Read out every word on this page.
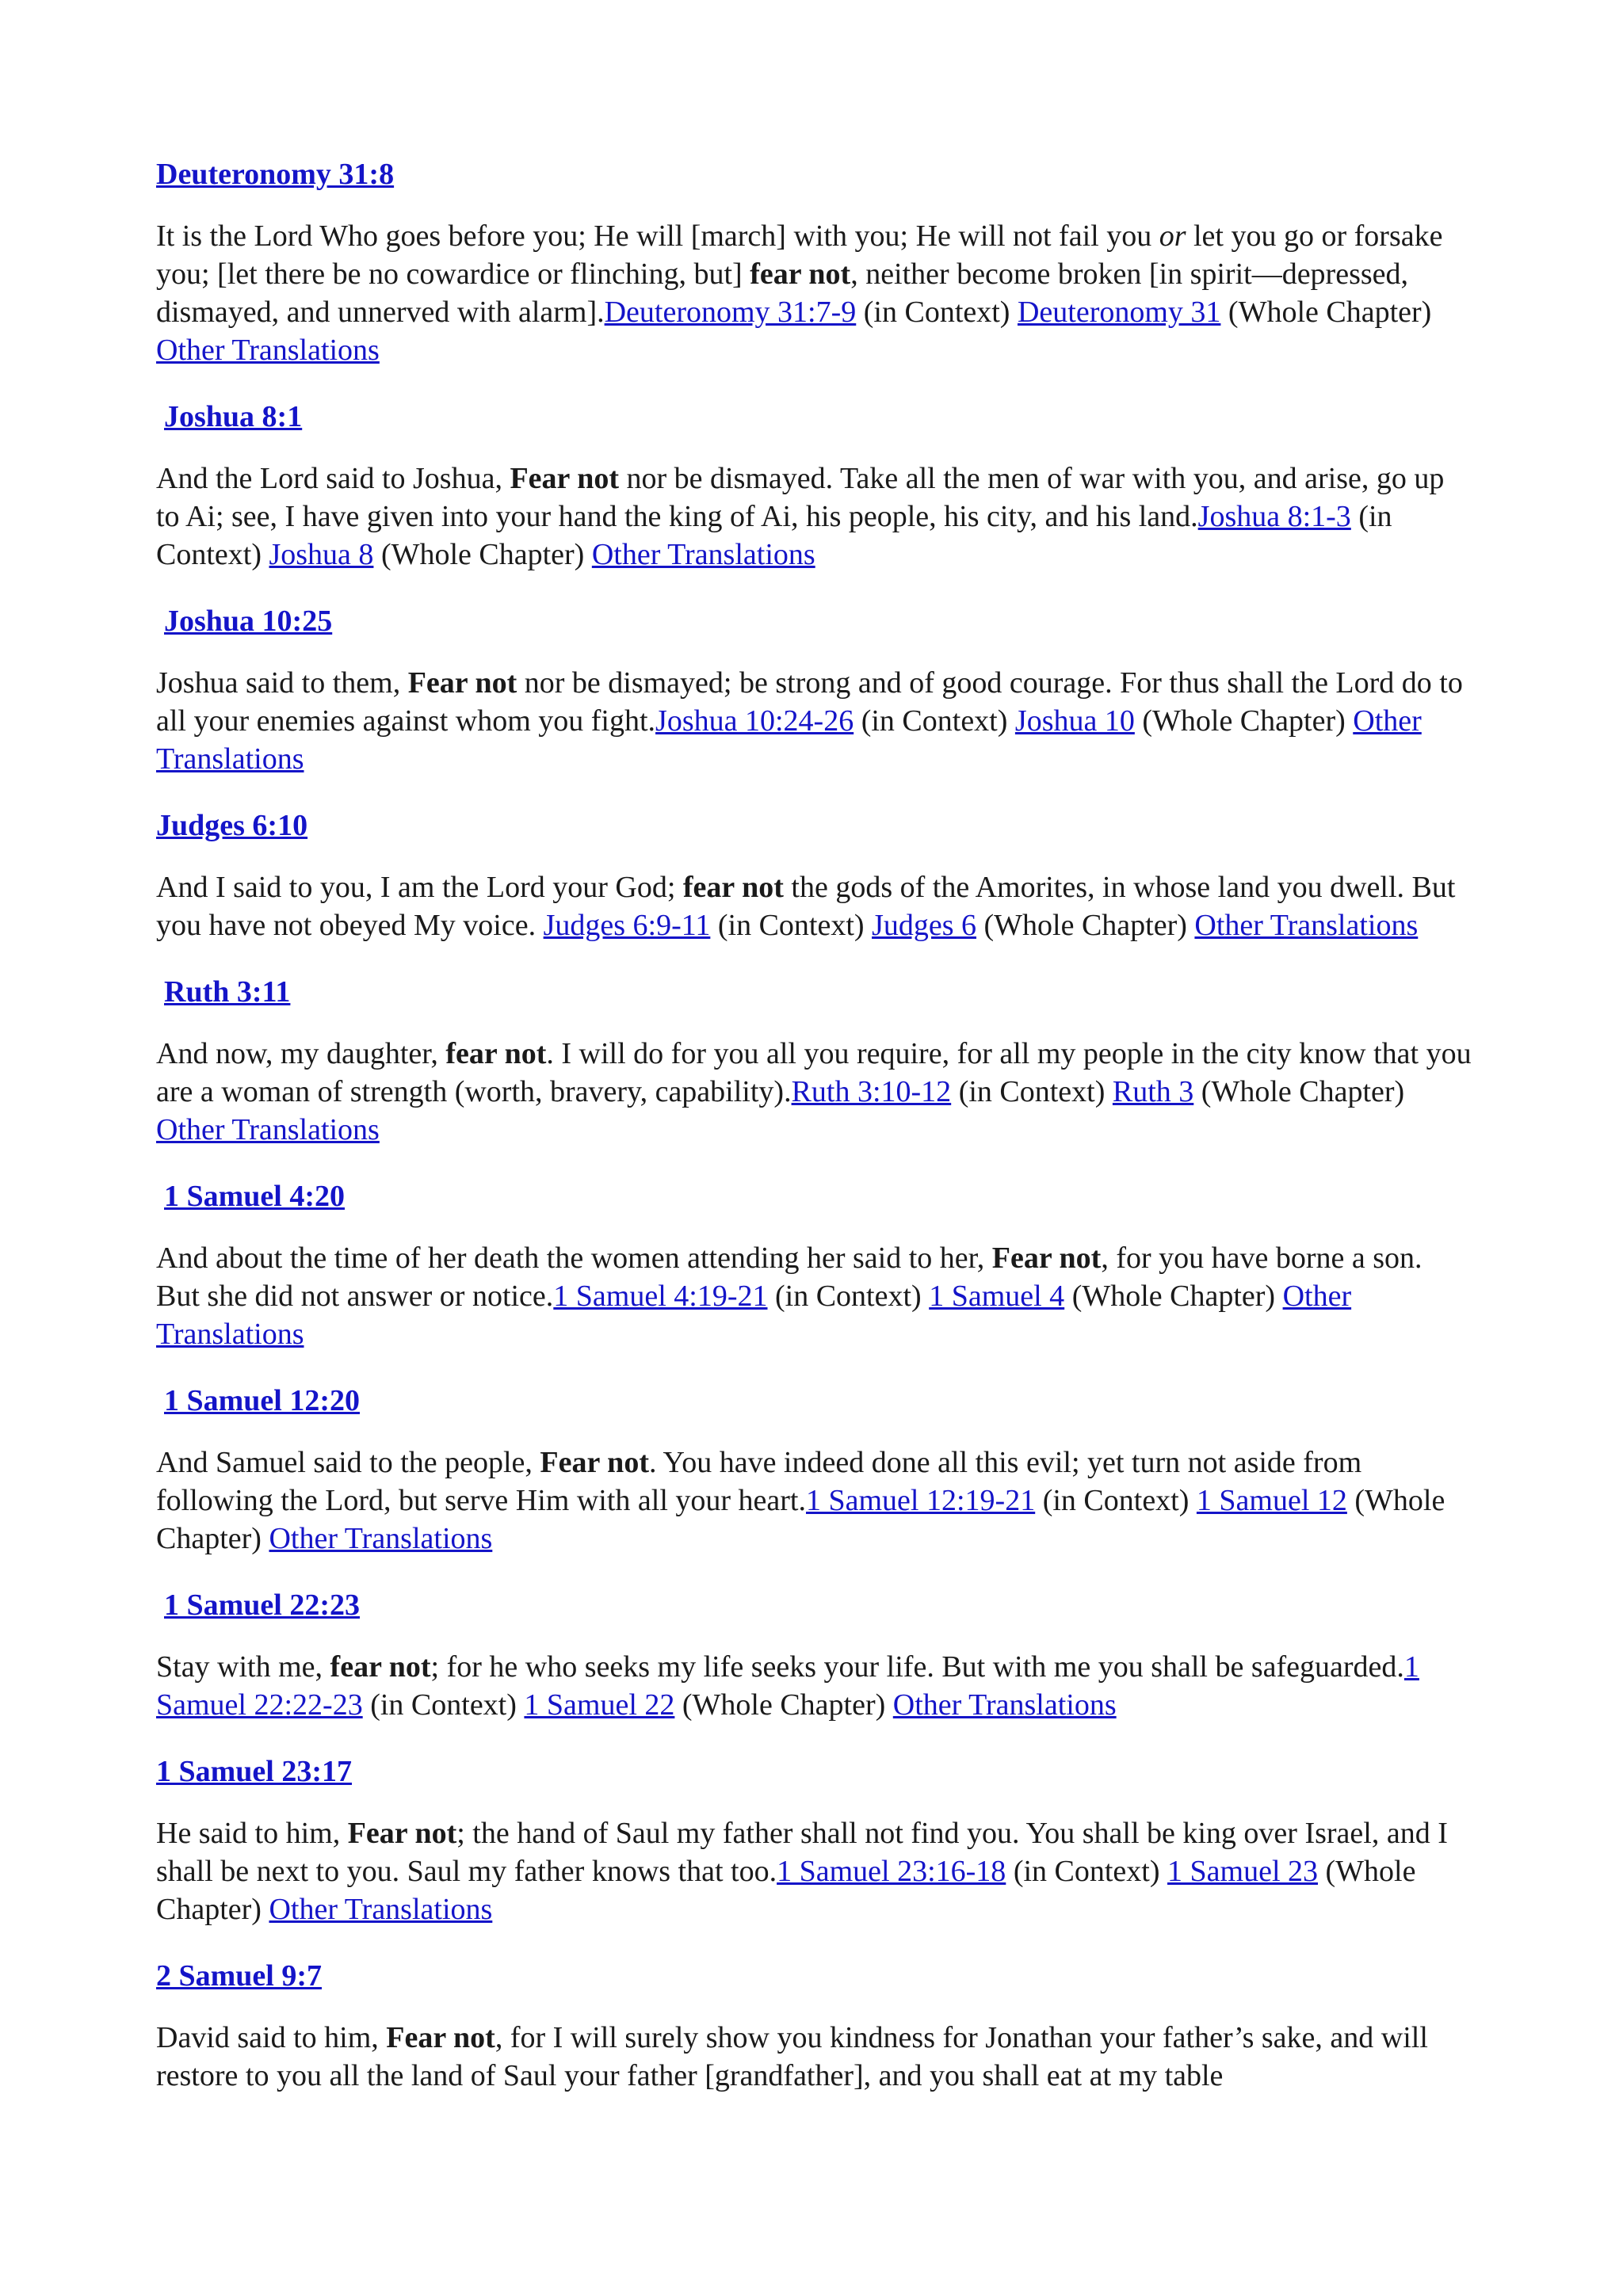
Deuteronomy 31:8

It is the Lord Who goes before you; He will [march] with you; He will not fail you or let you go or forsake you; [let there be no cowardice or flinching, but] fear not, neither become broken [in spirit—depressed, dismayed, and unnerved with alarm].Deuteronomy 31:7-9 (in Context) Deuteronomy 31 (Whole Chapter) Other Translations

Joshua 8:1

And the Lord said to Joshua, Fear not nor be dismayed. Take all the men of war with you, and arise, go up to Ai; see, I have given into your hand the king of Ai, his people, his city, and his land.Joshua 8:1-3 (in Context) Joshua 8 (Whole Chapter) Other Translations

Joshua 10:25

Joshua said to them, Fear not nor be dismayed; be strong and of good courage. For thus shall the Lord do to all your enemies against whom you fight.Joshua 10:24-26 (in Context) Joshua 10 (Whole Chapter) Other Translations

Judges 6:10

And I said to you, I am the Lord your God; fear not the gods of the Amorites, in whose land you dwell. But you have not obeyed My voice. Judges 6:9-11 (in Context) Judges 6 (Whole Chapter) Other Translations

Ruth 3:11

And now, my daughter, fear not. I will do for you all you require, for all my people in the city know that you are a woman of strength (worth, bravery, capability).Ruth 3:10-12 (in Context) Ruth 3 (Whole Chapter) Other Translations

1 Samuel 4:20

And about the time of her death the women attending her said to her, Fear not, for you have borne a son. But she did not answer or notice.1 Samuel 4:19-21 (in Context) 1 Samuel 4 (Whole Chapter) Other Translations

1 Samuel 12:20

And Samuel said to the people, Fear not. You have indeed done all this evil; yet turn not aside from following the Lord, but serve Him with all your heart.1 Samuel 12:19-21 (in Context) 1 Samuel 12 (Whole Chapter) Other Translations

1 Samuel 22:23

Stay with me, fear not; for he who seeks my life seeks your life. But with me you shall be safeguarded.1 Samuel 22:22-23 (in Context) 1 Samuel 22 (Whole Chapter) Other Translations

1 Samuel 23:17

He said to him, Fear not; the hand of Saul my father shall not find you. You shall be king over Israel, and I shall be next to you. Saul my father knows that too.1 Samuel 23:16-18 (in Context) 1 Samuel 23 (Whole Chapter) Other Translations

2 Samuel 9:7

David said to him, Fear not, for I will surely show you kindness for Jonathan your father’s sake, and will restore to you all the land of Saul your father [grandfather], and you shall eat at my table
